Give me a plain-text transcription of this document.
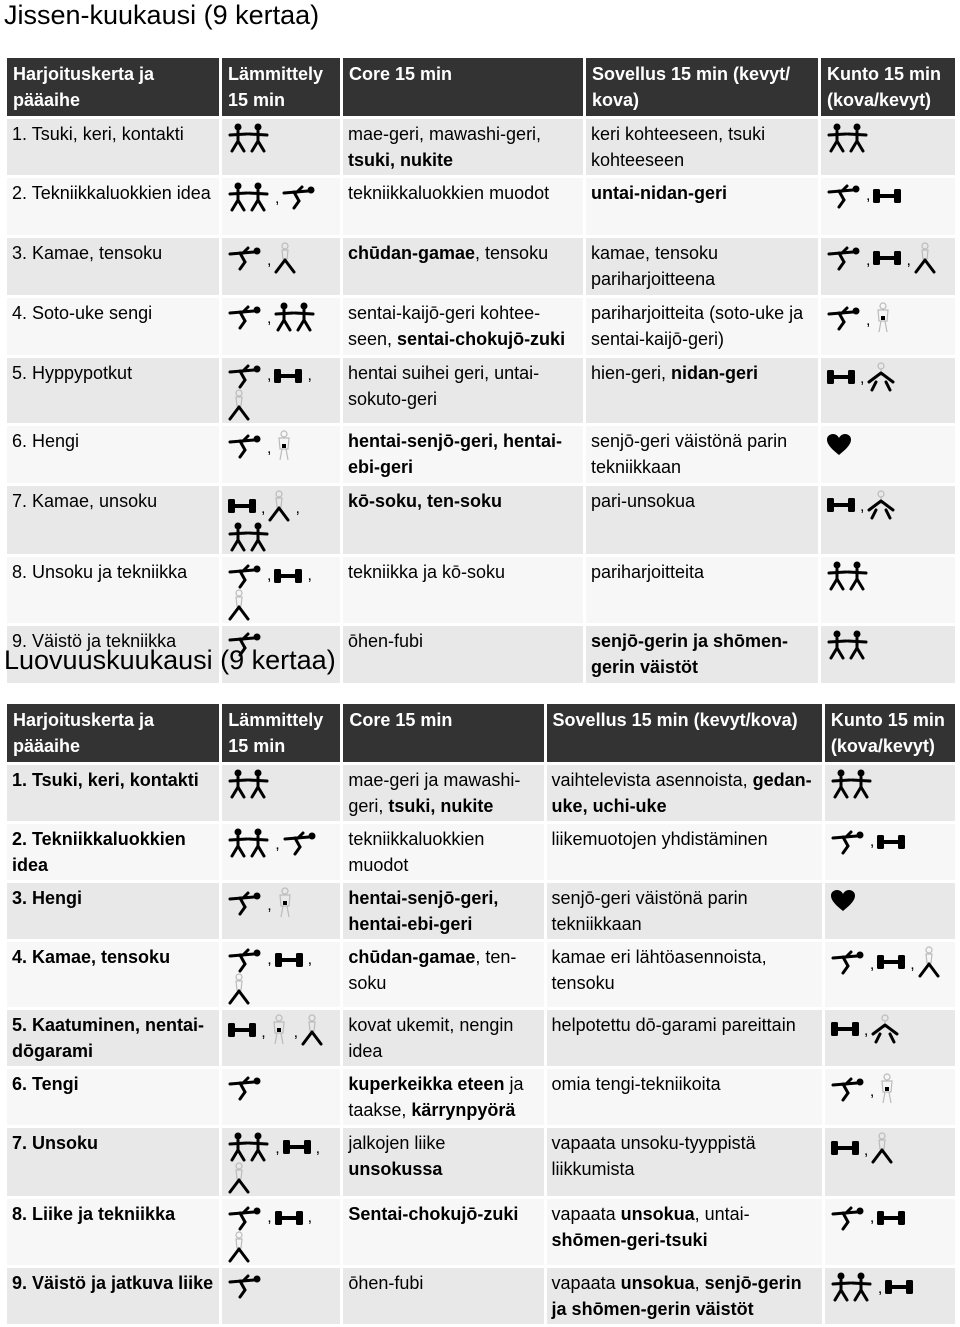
Jissen-kuukausi (9 kertaa)
Harjoituskerta ja pääaihe	Lämmittely 15 min	Core 15 min	Sovellus 15 min (kevyt/ kova)	Kunto 15 min (kova/kevyt)
1. Tsuki, keri, kontakti		mae-geri, mawashi-geri, tsuki, nukite	keri kohteeseen, tsuki kohteeseen	
2. Tekniikkaluokkien idea	,	tekniikkaluokkien muodot	untai-nidan-geri	,
3. Kamae, tensoku	,	chūdan-gamae, tensoku	kamae, tensoku pariharjoitteena	, ,
4. Soto-uke sengi	,	sentai-kaijō-geri kohtee-seen, sentai-chokujō-zuki	pariharjoitteita (soto-uke ja sentai-kaijō-geri)	,
5. Hyppypotkut	, ,	hentai suihei geri, untai-sokuto-geri	hien-geri, nidan-geri	,
6. Hengi	,	hentai-senjō-geri, hentai-ebi-geri	senjō-geri väistönä parin tekniikkaan	
7. Kamae, unsoku	, ,	kō-soku, ten-soku	pari-unsokua	,
8. Unsoku ja tekniikka	, ,	tekniikka ja kō-soku	pariharjoitteita	
9. Väistö ja tekniikka		ōhen-fubi	senjō-gerin ja shōmen-gerin väistöt	
Luovuuskuukausi (9 kertaa)
Harjoituskerta ja pääaihe	Lämmittely 15 min	Core 15 min	Sovellus 15 min (kevyt/kova)	Kunto 15 min (kova/kevyt)
1. Tsuki, keri, kontakti		mae-geri ja mawashi-geri, tsuki, nukite	vaihtelevista asennoista, gedan-uke, uchi-uke	
2. Tekniikkaluokkien idea	,	tekniikkaluokkien muodot	liikemuotojen yhdistäminen	,
3. Hengi	,	hentai-senjō-geri, hentai-ebi-geri	senjō-geri väistönä parin tekniikkaan	
4. Kamae, tensoku	, ,	chūdan-gamae, ten-soku	kamae eri lähtöasennoista, tensoku	, ,
5. Kaatuminen, nentai-dōgarami	, ,	kovat ukemit, nengin idea	helpotettu dō-garami pareittain	,
6. Tengi		kuperkeikka eteen ja taakse, kärrynpyörä	omia tengi-tekniikoita	,
7. Unsoku	, ,	jalkojen liike unsokussa	vapaata unsoku-tyyppistä liikkumista	,
8. Liike ja tekniikka	, ,	Sentai-chokujō-zuki	vapaata unsokua, untai-shōmen-geri-tsuki	,
9. Väistö ja jatkuva liike		ōhen-fubi	vapaata unsokua, senjō-gerin ja shōmen-gerin väistöt	,
